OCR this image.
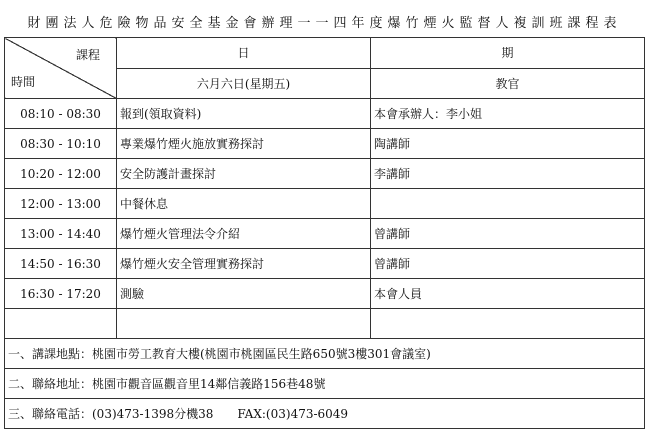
財團法人危險物品安全基金會辦理一一四年度爆竹煙火監督人複訓班課程表
課程
時間	日	期
	六月六日(星期五)	教官
08:10 - 08:30	報到(領取資料)	本會承辦人：李小姐
08:30 - 10:10	專業爆竹煙火施放實務探討	陶講師
10:20 - 12:00	安全防護計畫探討	李講師
12:00 - 13:00	中餐休息	
13:00 - 14:40	爆竹煙火管理法令介紹	曾講師
14:50 - 16:30	爆竹煙火安全管理實務探討	曾講師
16:30 - 17:20	測驗	本會人員

一、講課地點：桃園市勞工教育大樓(桃園市桃園區民生路650號3樓301會議室)		
二、聯絡地址：桃園市觀音區觀音里14鄰信義路156巷48號		
三、聯絡電話：(03)473-1398分機38　　FAX:(03)473-6049		
